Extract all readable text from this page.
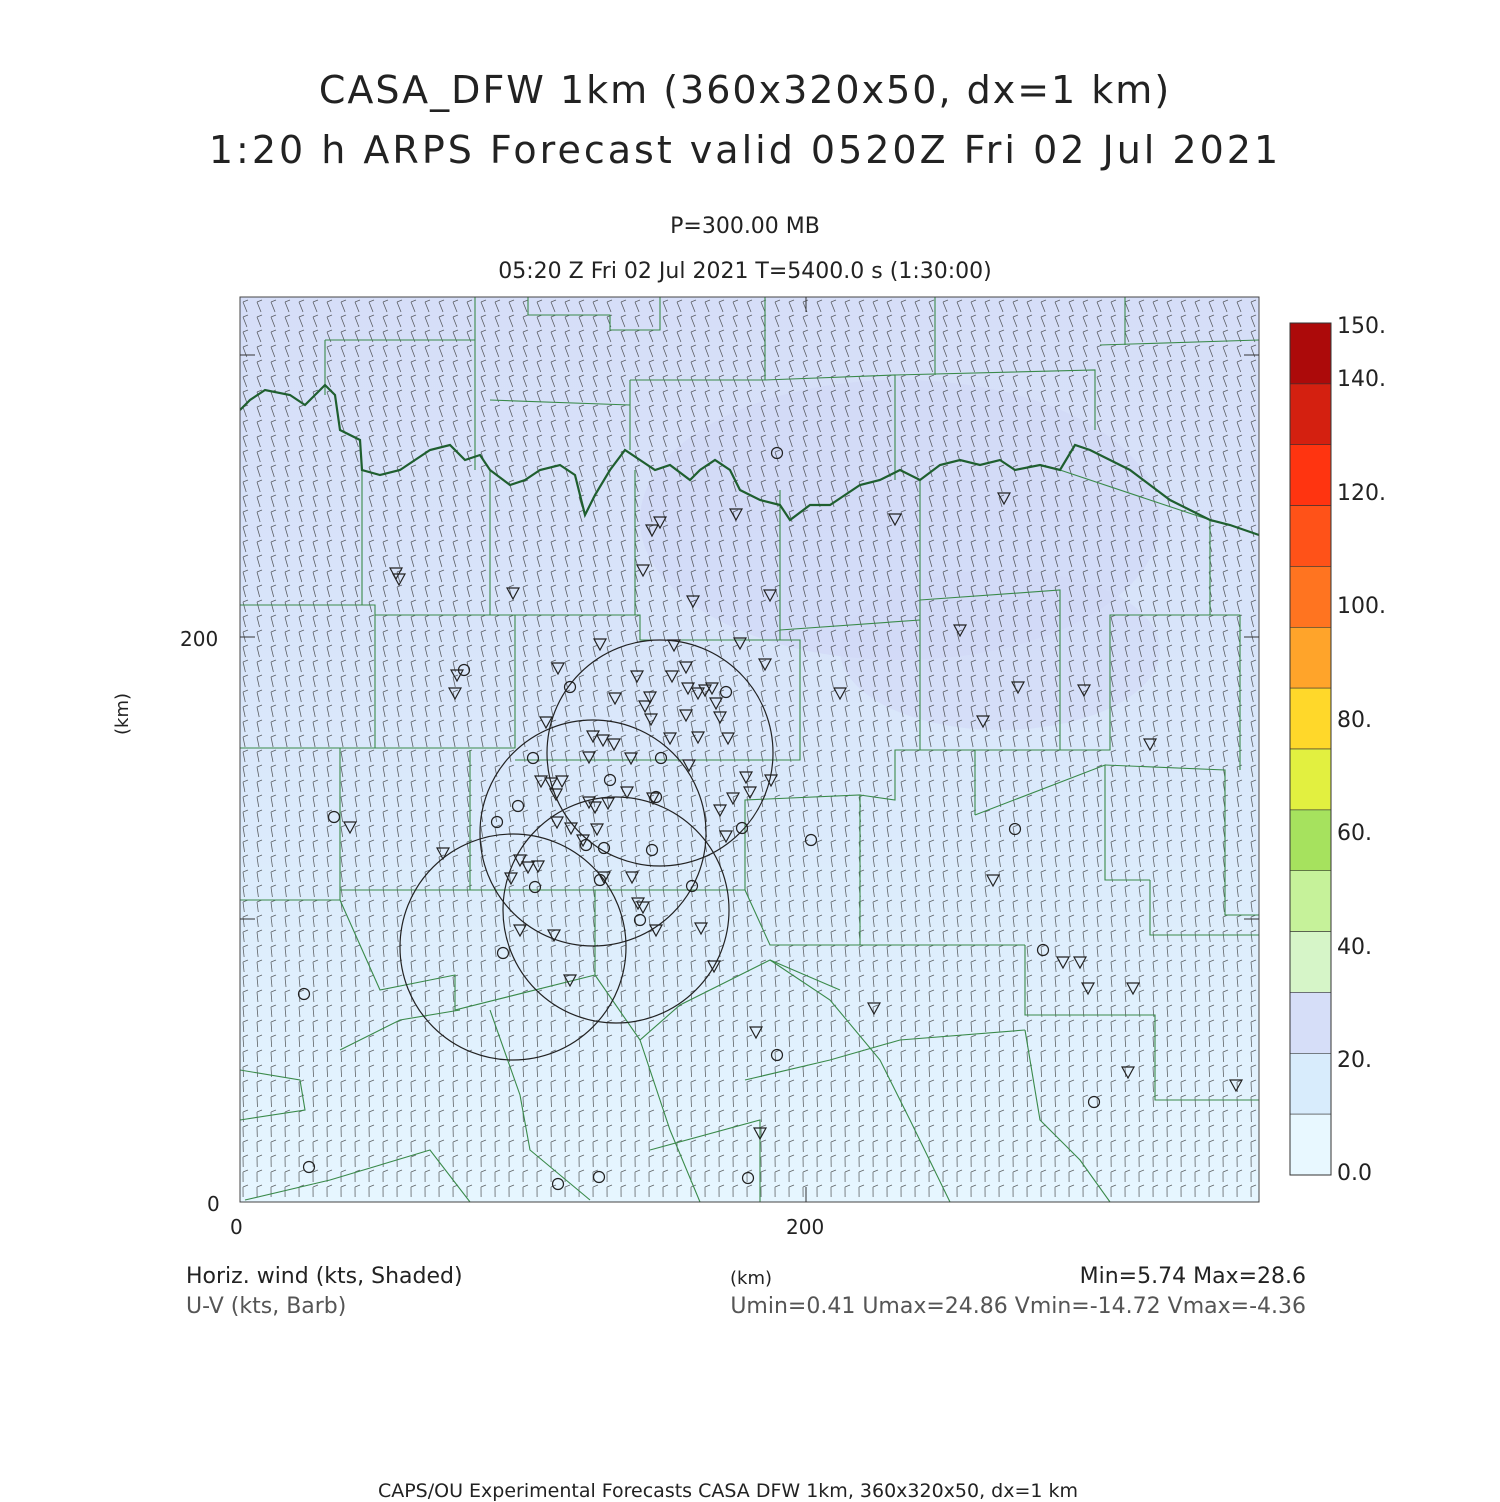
CASA_DFW 1km (360x320x50, dx=1 km)
1:20 h ARPS Forecast valid 0520Z Fri 02 Jul 2021
P=300.00 MB
05:20 Z Fri 02 Jul 2021 T=5400.0 s (1:30:00)
200
0
0	200
(km)
150.
140.
120.
100.
80.
60.
40.
20.
0.0
Horiz. wind (kts, Shaded)
U-V (kts, Barb)
(km)	Min=5.74 Max=28.6
Umin=0.41 Umax=24.86 Vmin=-14.72 Vmax=-4.36
CAPS/OU Experimental Forecasts CASA DFW 1km, 360x320x50, dx=1 km
